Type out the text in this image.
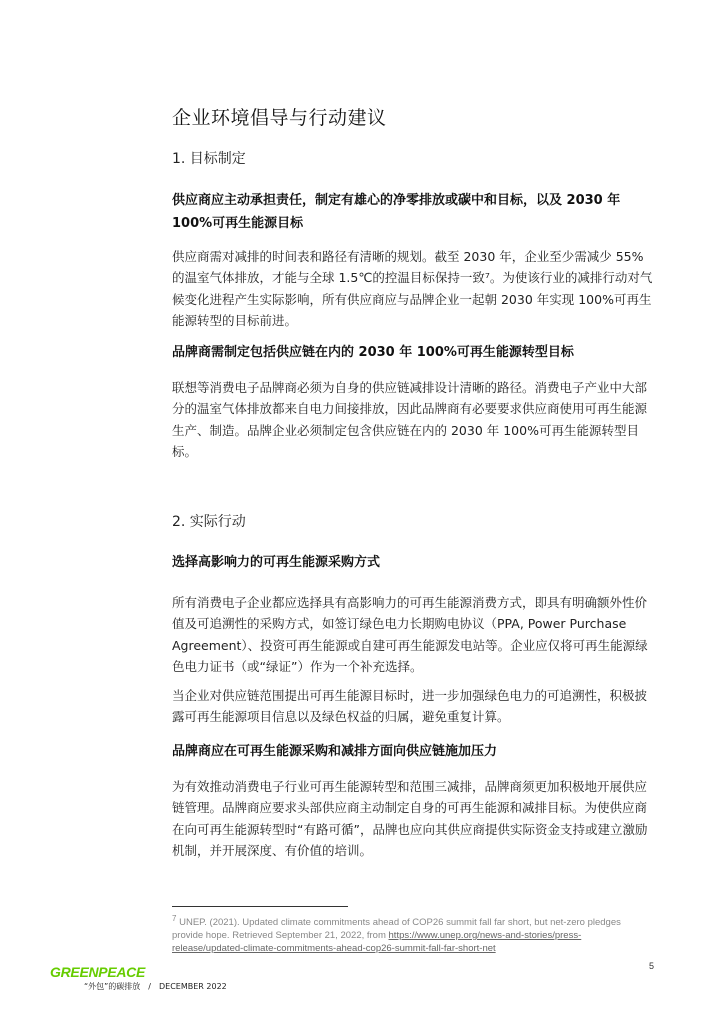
企业环境倡导与行动建议
1. 目标制定
供应商应主动承担责任，制定有雄心的净零排放或碳中和目标，以及 2030 年 100%可再生能源目标
供应商需对减排的时间表和路径有清晰的规划。截至 2030 年，企业至少需减少 55%的温室气体排放，才能与全球 1.5℃的控温目标保持一致⁷。为使该行业的减排行动对气候变化进程产生实际影响，所有供应商应与品牌企业一起朝 2030 年实现 100%可再生能源转型的目标前进。
品牌商需制定包括供应链在内的 2030 年 100%可再生能源转型目标
联想等消费电子品牌商必须为自身的供应链减排设计清晰的路径。消费电子产业中大部分的温室气体排放都来自电力间接排放，因此品牌商有必要要求供应商使用可再生能源生产、制造。品牌企业必须制定包含供应链在内的 2030 年 100%可再生能源转型目标。
2. 实际行动
选择高影响力的可再生能源采购方式
所有消费电子企业都应选择具有高影响力的可再生能源消费方式，即具有明确额外性价值及可追溯性的采购方式，如签订绿色电力长期购电协议（PPA, Power Purchase Agreement）、投资可再生能源或自建可再生能源发电站等。企业应仅将可再生能源绿色电力证书（或“绿证”）作为一个补充选择。
当企业对供应链范围提出可再生能源目标时，进一步加强绿色电力的可追溯性，积极披露可再生能源项目信息以及绿色权益的归属，避免重复计算。
品牌商应在可再生能源采购和减排方面向供应链施加压力
为有效推动消费电子行业可再生能源转型和范围三减排，品牌商须更加积极地开展供应链管理。品牌商应要求头部供应商主动制定自身的可再生能源和减排目标。为使供应商在向可再生能源转型时“有路可循”，品牌也应向其供应商提供实际资金支持或建立激励机制，并开展深度、有价值的培训。
$^7$ UNEP. (2021). Updated climate commitments ahead of COP26 summit fall far short, but net-zero pledges provide hope. Retrieved September 21, 2022, from https://www.unep.org/news-and-stories/press-release/updated-climate-commitments-ahead-cop26-summit-fall-far-short-net
5
GREENPEACE
“外包”的碳排放 / DECEMBER 2022
